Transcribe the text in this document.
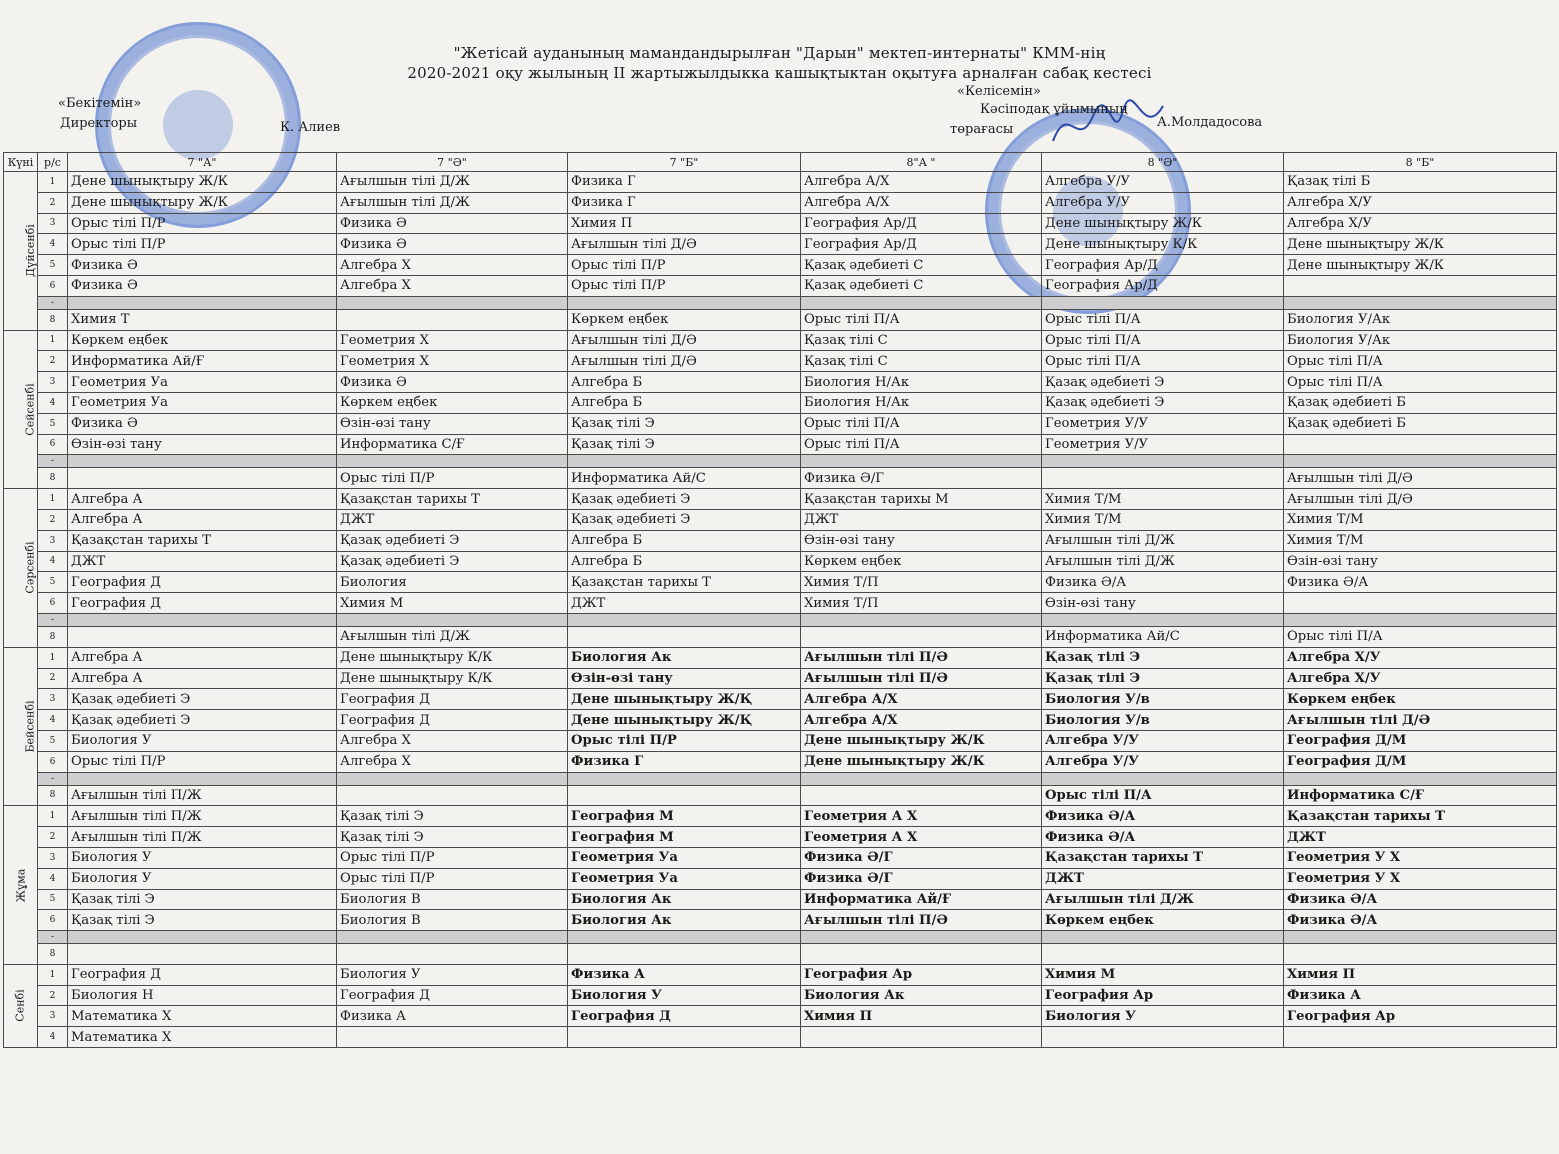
"Жетісай ауданының мамандандырылған "Дарын" мектеп-интернаты" КММ-нің
2020-2021 оқу жылының II жартыжылдыкка кашықтыктан оқытуға арналған сабақ кестесі
«Бекітемін»
Директоры	К. Алиев
«Келісемін»
Кәсіподақ ұйымының
төрағасы	А.Молдадосова
Күні	р/с	7 "А"	7 "Ә"	7 "Б"	8"А "	8 "Ә"	8 "Б"
Дүйсенбі	1	Дене шынықтыру Ж/К	Ағылшын тілі Д/Ж	Физика Г	Алгебра А/Х	Алгебра У/У	Қазақ тілі Б
	2	Дене шынықтыру Ж/К	Ағылшын тілі Д/Ж	Физика Г	Алгебра А/Х	Алгебра У/У	Алгебра Х/У
	3	Орыс тілі П/Р	Физика Ә	Химия П	География Ар/Д	Дене шынықтыру Ж/К	Алгебра Х/У
	4	Орыс тілі П/Р	Физика Ә	Ағылшын тілі Д/Ә	География Ар/Д	Дене шынықтыру К/К	Дене шынықтыру Ж/К
	5	Физика Ә	Алгебра Х	Орыс тілі П/Р	Қазақ әдебиеті С	География Ар/Д	Дене шынықтыру Ж/К
	6	Физика Ә	Алгебра Х	Орыс тілі П/Р	Қазақ әдебиеті С	География Ар/Д	
	-						
	8	Химия Т		Көркем еңбек	Орыс тілі П/А	Орыс тілі П/А	Биология У/Ак
Сейсенбі	1	Көркем еңбек	Геометрия Х	Ағылшын тілі Д/Ә	Қазақ тілі С	Орыс тілі П/А	Биология У/Ак
	2	Информатика Ай/Ғ	Геометрия Х	Ағылшын тілі Д/Ә	Қазақ тілі С	Орыс тілі П/А	Орыс тілі П/А
	3	Геометрия Уа	Физика Ә	Алгебра Б	Биология Н/Ак	Қазақ әдебиеті Э	Орыс тілі П/А
	4	Геометрия Уа	Көркем еңбек	Алгебра Б	Биология Н/Ак	Қазақ әдебиеті Э	Қазақ әдебиеті Б
	5	Физика Ә	Өзін-өзі тану	Қазақ тілі Э	Орыс тілі П/А	Геометрия У/У	Қазақ әдебиеті Б
	6	Өзін-өзі тану	Информатика С/Ғ	Қазақ тілі Э	Орыс тілі П/А	Геометрия У/У	
	-						
	8		Орыс тілі П/Р	Информатика Ай/С	Физика Ә/Г		Ағылшын тілі Д/Ә
Сәрсенбі	1	Алгебра А	Қазақстан тарихы Т	Қазақ әдебиеті Э	Қазақстан тарихы М	Химия Т/М	Ағылшын тілі Д/Ә
	2	Алгебра А	ДЖТ	Қазақ әдебиеті Э	ДЖТ	Химия Т/М	Химия Т/М
	3	Қазақстан тарихы Т	Қазақ әдебиеті Э	Алгебра Б	Өзін-өзі тану	Ағылшын тілі Д/Ж	Химия Т/М
	4	ДЖТ	Қазақ әдебиеті Э	Алгебра Б	Көркем еңбек	Ағылшын тілі Д/Ж	Өзін-өзі тану
	5	География Д	Биология	Қазақстан тарихы Т	Химия Т/П	Физика Ә/А	Физика Ә/А
	6	География Д	Химия М	ДЖТ	Химия Т/П	Өзін-өзі тану	
	-						
	8		Ағылшын тілі Д/Ж			Информатика Ай/С	Орыс тілі П/А
Бейсенбі	1	Алгебра А	Дене шынықтыру К/К	Биология Ак	Ағылшын тілі П/Ә	Қазақ тілі Э	Алгебра Х/У
	2	Алгебра А	Дене шынықтыру К/К	Өзін-өзі тану	Ағылшын тілі П/Ә	Қазақ тілі Э	Алгебра Х/У
	3	Қазақ әдебиеті Э	География Д	Дене шынықтыру Ж/Қ	Алгебра А/Х	Биология У/в	Көркем еңбек
	4	Қазақ әдебиеті Э	География Д	Дене шынықтыру Ж/Қ	Алгебра А/Х	Биология У/в	Ағылшын тілі Д/Ә
	5	Биология У	Алгебра Х	Орыс тілі П/Р	Дене шынықтыру Ж/К	Алгебра У/У	География Д/М
	6	Орыс тілі П/Р	Алгебра Х	Физика Г	Дене шынықтыру Ж/К	Алгебра У/У	География Д/М
	-						
	8	Ағылшын тілі П/Ж				Орыс тілі П/А	Информатика С/Ғ
Жұма	1	Ағылшын тілі П/Ж	Қазақ тілі Э	География М	Геометрия А Х	Физика Ә/А	Қазақстан тарихы Т
	2	Ағылшын тілі П/Ж	Қазақ тілі Э	География М	Геометрия А Х	Физика Ә/А	ДЖТ
	3	Биология У	Орыс тілі П/Р	Геометрия Уа	Физика Ә/Г	Қазақстан тарихы Т	Геометрия У Х
	4	Биология У	Орыс тілі П/Р	Геометрия Уа	Физика Ә/Г	ДЖТ	Геометрия У Х
	5	Қазақ тілі Э	Биология В	Биология Ак	Информатика Ай/Ғ	Ағылшын тілі Д/Ж	Физика Ә/А
	6	Қазақ тілі Э	Биология В	Биология Ак	Ағылшын тілі П/Ә	Көркем еңбек	Физика Ә/А
	-						
	8						
Сенбі	1	География Д	Биология У	Физика А	География Ар	Химия М	Химия П
	2	Биология Н	География Д	Биология У	Биология Ак	География Ар	Физика А
	3	Математика Х	Физика А	География Д	Химия П	Биология У	География Ар
	4	Математика Х					
